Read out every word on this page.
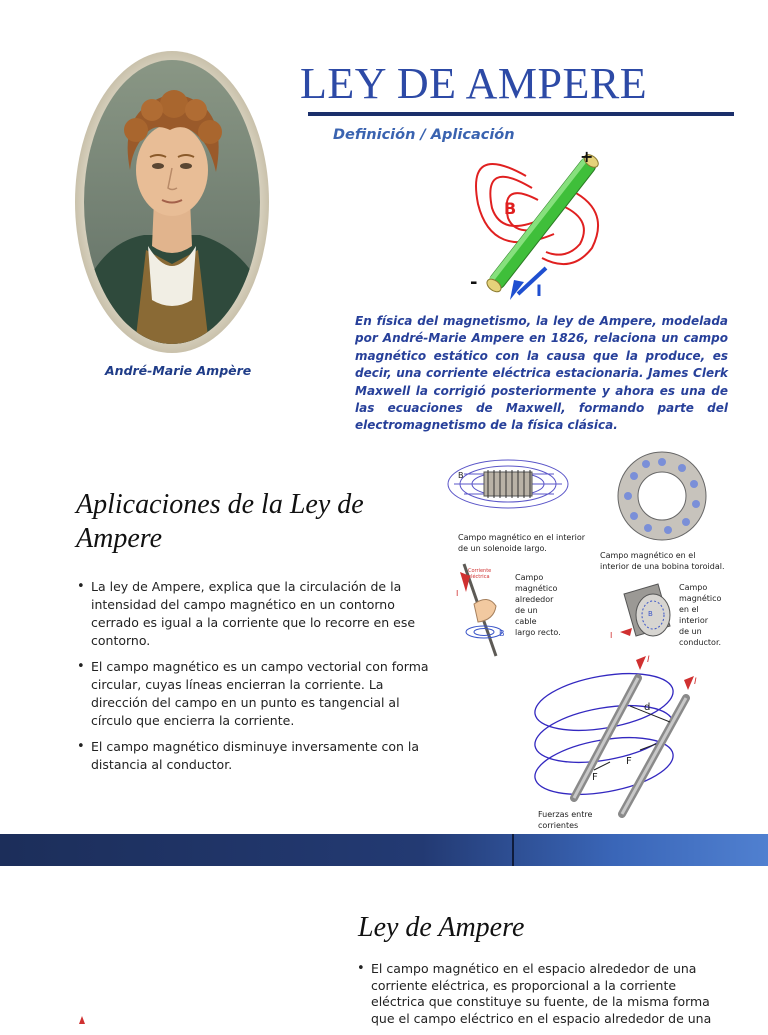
LEY DE AMPERE
Definición / Aplicación
André-Marie Ampère
+
-
B
I
En física del magnetismo, la ley de Ampere, modelada por André-Marie Ampere en 1826, relaciona un campo magnético estático con la causa que la produce, es decir, una corriente eléctrica estacionaria. James Clerk Maxwell la corrigió posteriormente y ahora es una de las ecuaciones de Maxwell, formando parte del electromagnetismo de la física clásica.
Aplicaciones de la Ley de Ampere
• La ley de Ampere, explica que la circulación de la intensidad del campo magnético en un contorno cerrado es igual a la corriente que lo recorre en ese contorno.
• El campo magnético es un campo vectorial con forma circular, cuyas líneas encierran la corriente. La dirección del campo en un punto es tangencial al círculo que encierra la corriente.
• El campo magnético disminuye inversamente con la distancia al conductor.
B
Campo magnético en el interior
de un solenoide largo.
Campo magnético en el
interior de una bobina toroidal.
I
B
Corriente
eléctrica	Campo
magnético
alrededor
de un
cable
largo recto.
B
I
Campo
magnético
en el
interior
de un
conductor.
I
I
d
F
F
Fuerzas entre
corrientes
Ley de Ampere
• El campo magnético en el espacio alrededor de una corriente eléctrica, es proporcional a la corriente eléctrica que constituye su fuente, de la misma forma que el campo eléctrico en el espacio alrededor de una
